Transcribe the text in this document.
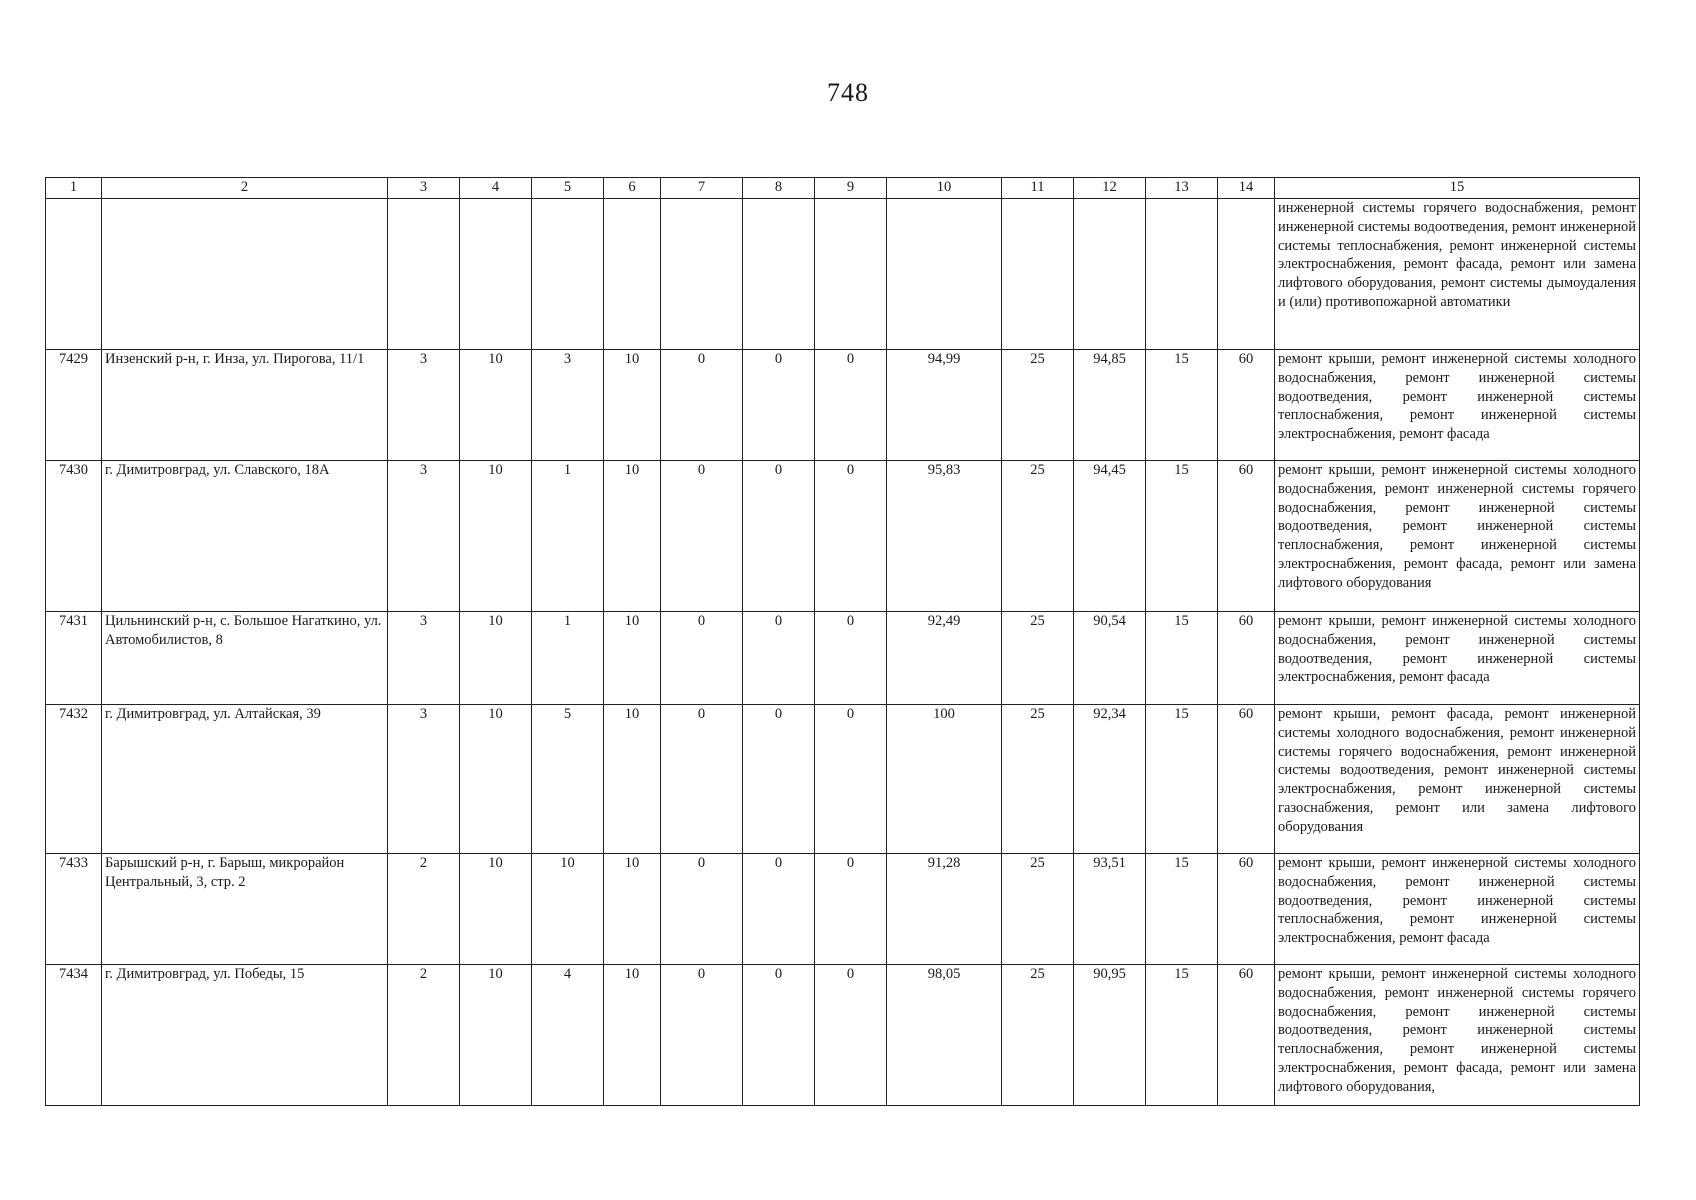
748
1	2	3	4	5	6	7	8	9	10	11	12	13	14	15
														инженерной системы горячего водоснабжения, ремонт инженерной системы водоотведения, ремонт инженерной системы теплоснабжения, ремонт инженерной системы электроснабжения, ремонт фасада, ремонт или замена лифтового оборудования, ремонт системы дымоудаления и (или) противопожарной автоматики
7429	Инзенский р-н, г. Инза, ул. Пирогова, 11/1	3	10	3	10	0	0	0	94,99	25	94,85	15	60	ремонт крыши, ремонт инженерной системы холодного водоснабжения, ремонт инженерной системы водоотведения, ремонт инженерной системы теплоснабжения, ремонт инженерной системы электроснабжения, ремонт фасада
7430	г. Димитровград, ул. Славского, 18А	3	10	1	10	0	0	0	95,83	25	94,45	15	60	ремонт крыши, ремонт инженерной системы холодного водоснабжения, ремонт инженерной системы горячего водоснабжения, ремонт инженерной системы водоотведения, ремонт инженерной системы теплоснабжения, ремонт инженерной системы электроснабжения, ремонт фасада, ремонт или замена лифтового оборудования
7431	Цильнинский р-н, с. Большое Нагаткино, ул. Автомобилистов, 8	3	10	1	10	0	0	0	92,49	25	90,54	15	60	ремонт крыши, ремонт инженерной системы холодного водоснабжения, ремонт инженерной системы водоотведения, ремонт инженерной системы электроснабжения, ремонт фасада
7432	г. Димитровград, ул. Алтайская, 39	3	10	5	10	0	0	0	100	25	92,34	15	60	ремонт крыши, ремонт фасада, ремонт инженерной системы холодного водоснабжения, ремонт инженерной системы горячего водоснабжения, ремонт инженерной системы водоотведения, ремонт инженерной системы электроснабжения, ремонт инженерной системы газоснабжения, ремонт или замена лифтового оборудования
7433	Барышский р-н, г. Барыш, микрорайон Центральный, 3, стр. 2	2	10	10	10	0	0	0	91,28	25	93,51	15	60	ремонт крыши, ремонт инженерной системы холодного водоснабжения, ремонт инженерной системы водоотведения, ремонт инженерной системы теплоснабжения, ремонт инженерной системы электроснабжения, ремонт фасада
7434	г. Димитровград, ул. Победы, 15	2	10	4	10	0	0	0	98,05	25	90,95	15	60	ремонт крыши, ремонт инженерной системы холодного водоснабжения, ремонт инженерной системы горячего водоснабжения, ремонт инженерной системы водоотведения, ремонт инженерной системы теплоснабжения, ремонт инженерной системы электроснабжения, ремонт фасада, ремонт или замена лифтового оборудования,
